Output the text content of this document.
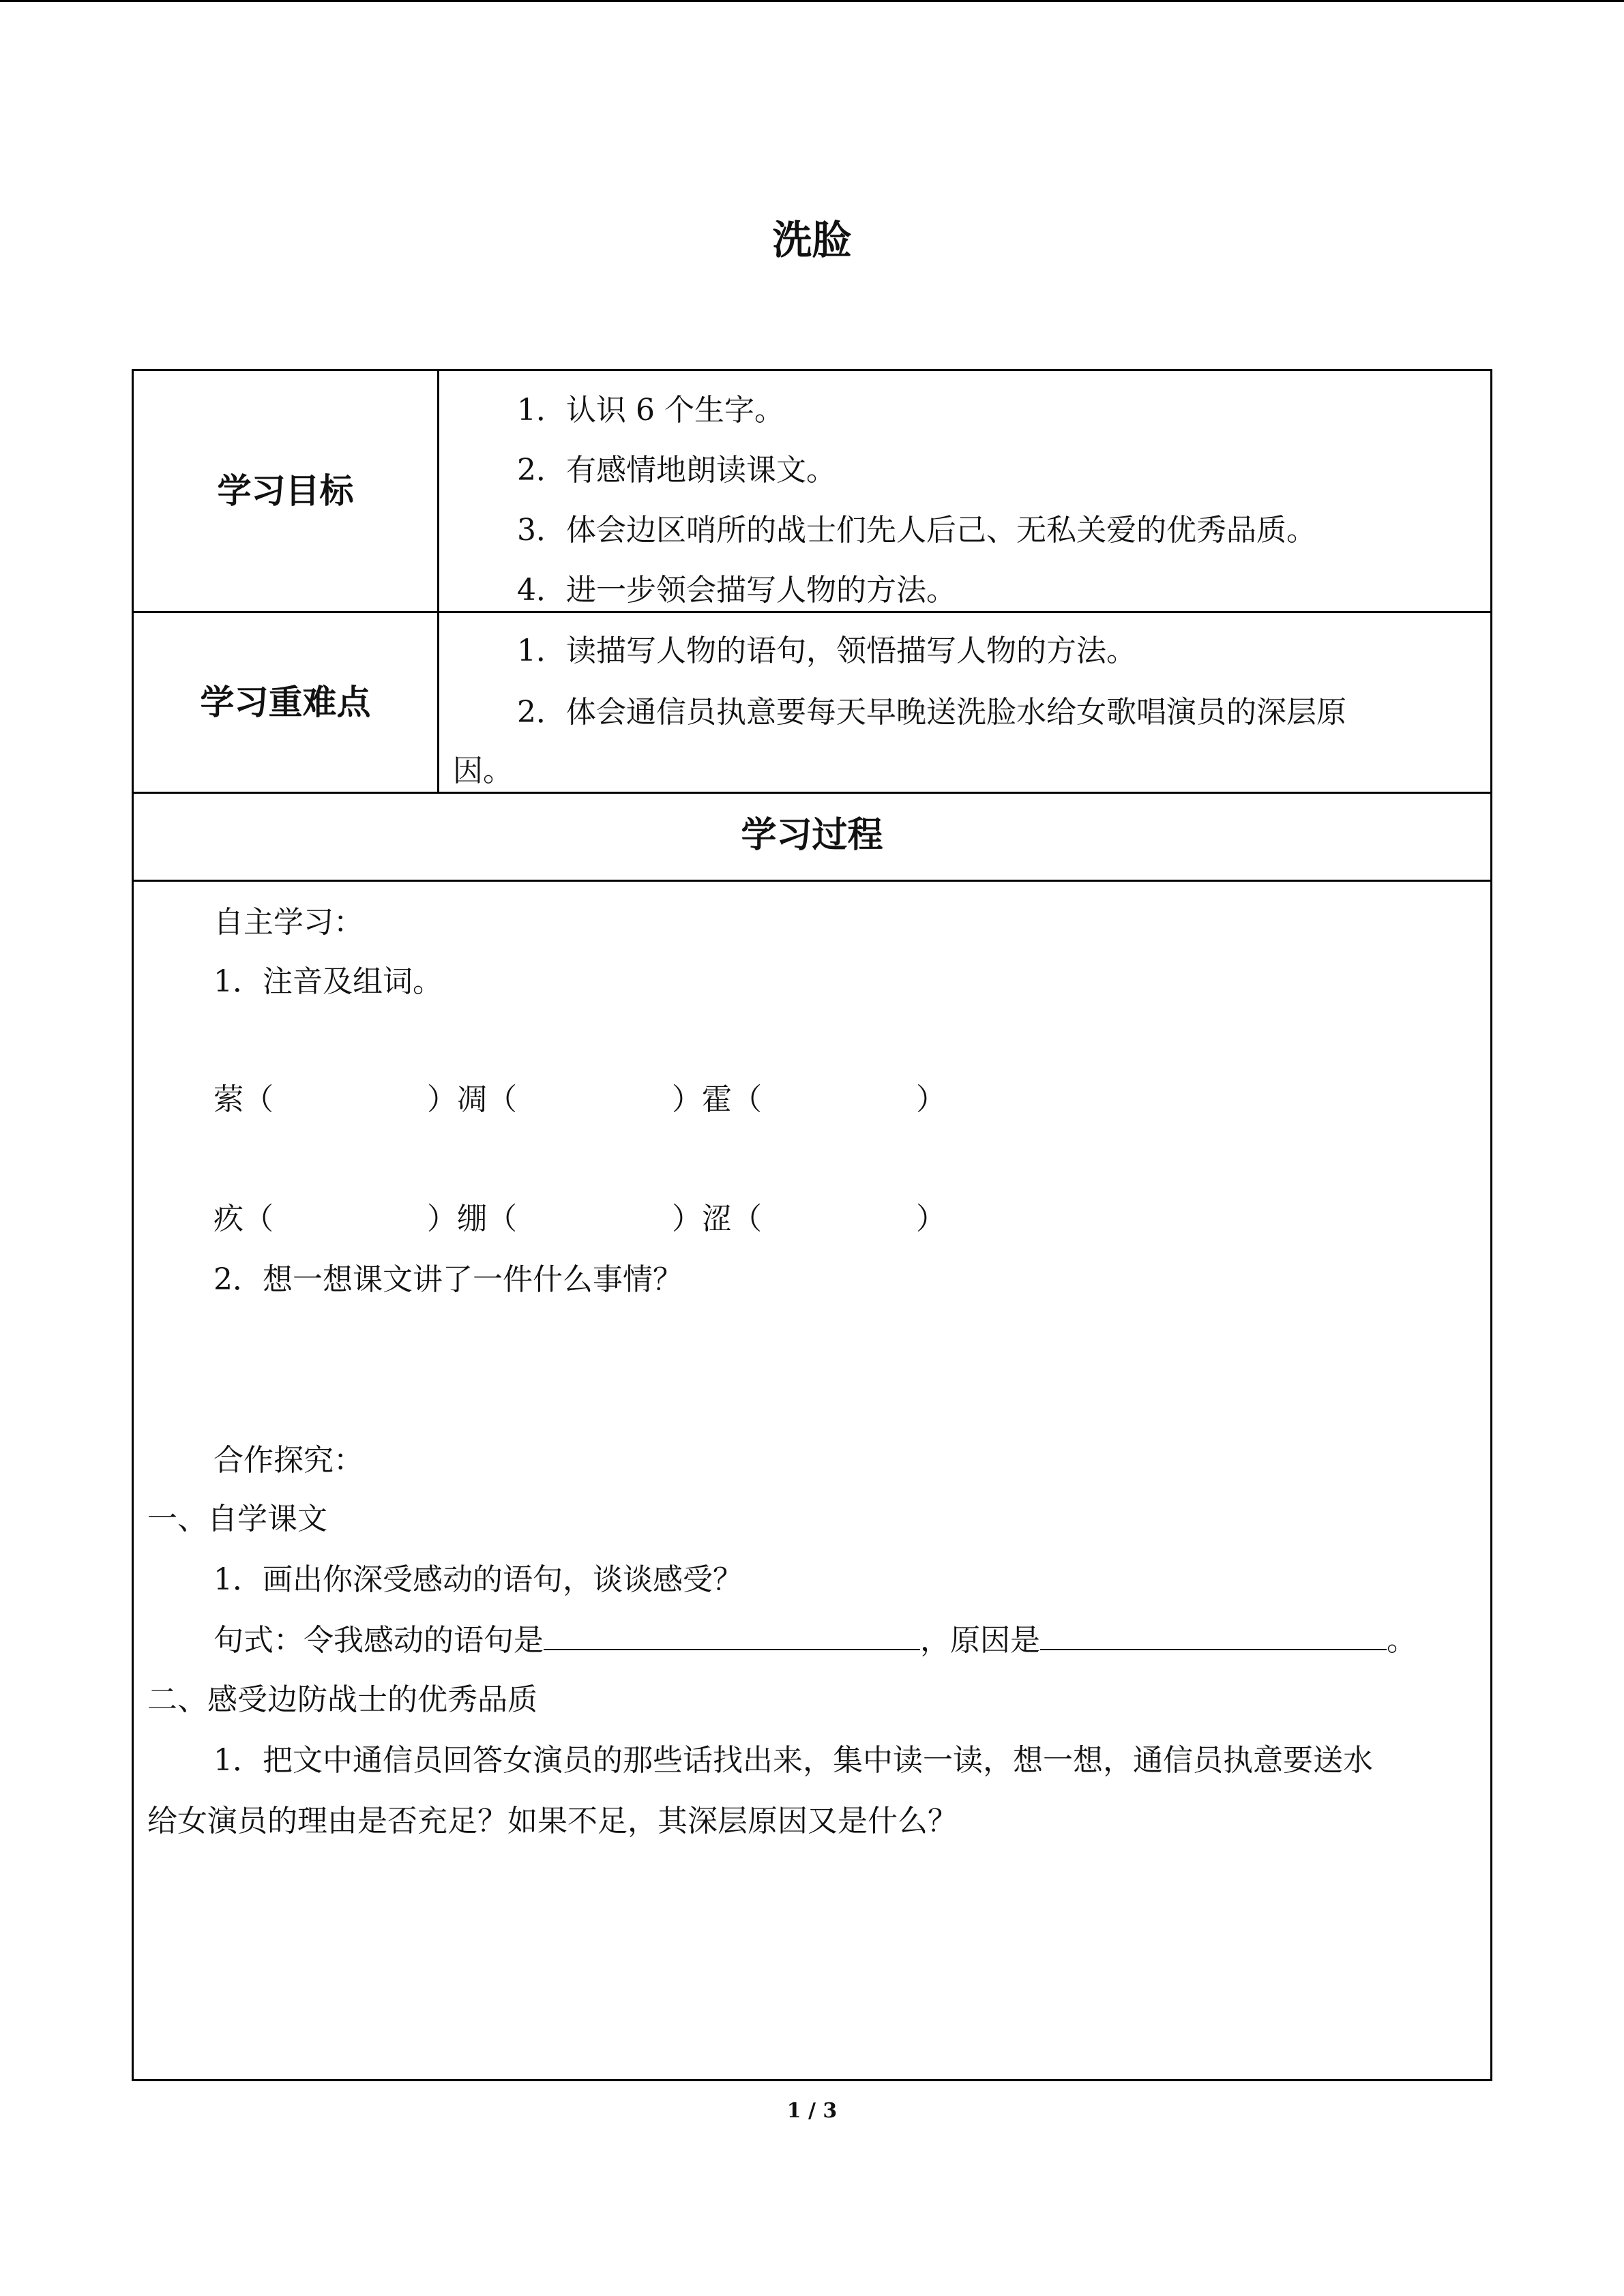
洗脸
学习目标
1．认识 6 个生字。
2．有感情地朗读课文。
3．体会边区哨所的战士们先人后己、无私关爱的优秀品质。
4．进一步领会描写人物的方法。
学习重难点
1．读描写人物的语句，领悟描写人物的方法。
2．体会通信员执意要每天早晚送洗脸水给女歌唱演员的深层原
因。
学习过程
自主学习：
1．注音及组词。
萦（	）凋（	）霍（	）
疚（	）绷（	）涩（	）
2．想一想课文讲了一件什么事情？
合作探究：
一、自学课文
1．画出你深受感动的语句，谈谈感受？
句式：令我感动的语句是	，原因是	。
二、感受边防战士的优秀品质
1．把文中通信员回答女演员的那些话找出来，集中读一读，想一想，通信员执意要送水
给女演员的理由是否充足？如果不足，其深层原因又是什么？
1 / 3
